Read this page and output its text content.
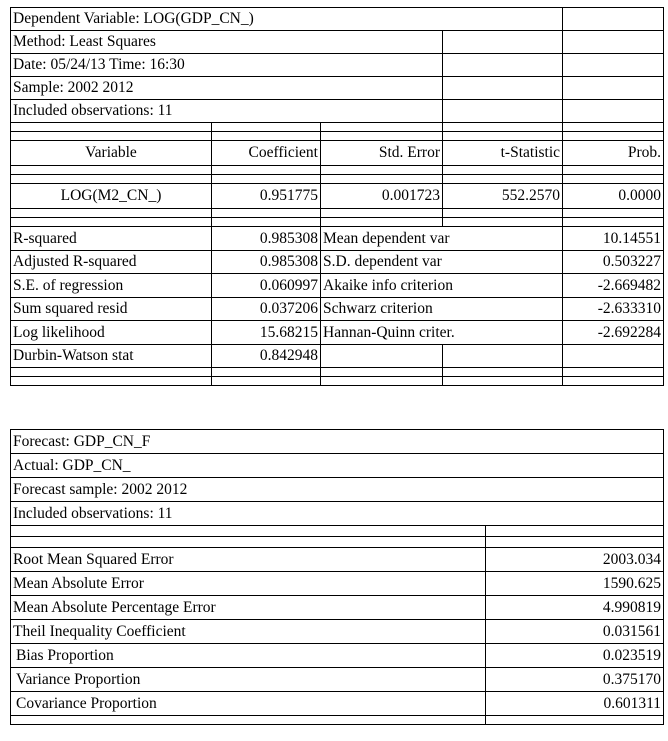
Dependent Variable: LOG(GDP_CN_)				
Method: Least Squares				
Date: 05/24/13 Time: 16:30				
Sample: 2002 2012				
Included observations: 11				

Variable	Coefficient	Std. Error	t-Statistic	Prob.

LOG(M2_CN_)	0.951775	0.001723	552.2570	0.0000

R-squared	0.985308	Mean dependent var		10.14551
Adjusted R-squared	0.985308	S.D. dependent var		0.503227
S.E. of regression	0.060997	Akaike info criterion		-2.669482
Sum squared resid	0.037206	Schwarz criterion		-2.633310
Log likelihood	15.68215	Hannan-Quinn criter.		-2.692284
Durbin-Watson stat	0.842948			

Forecast: GDP_CN_F	
Actual: GDP_CN_	
Forecast sample: 2002 2012	
Included observations: 11	

Root Mean Squared Error	2003.034
Mean Absolute Error	1590.625
Mean Absolute Percentage Error	4.990819
Theil Inequality Coefficient	0.031561
Bias Proportion	0.023519
Variance Proportion	0.375170
Covariance Proportion	0.601311
